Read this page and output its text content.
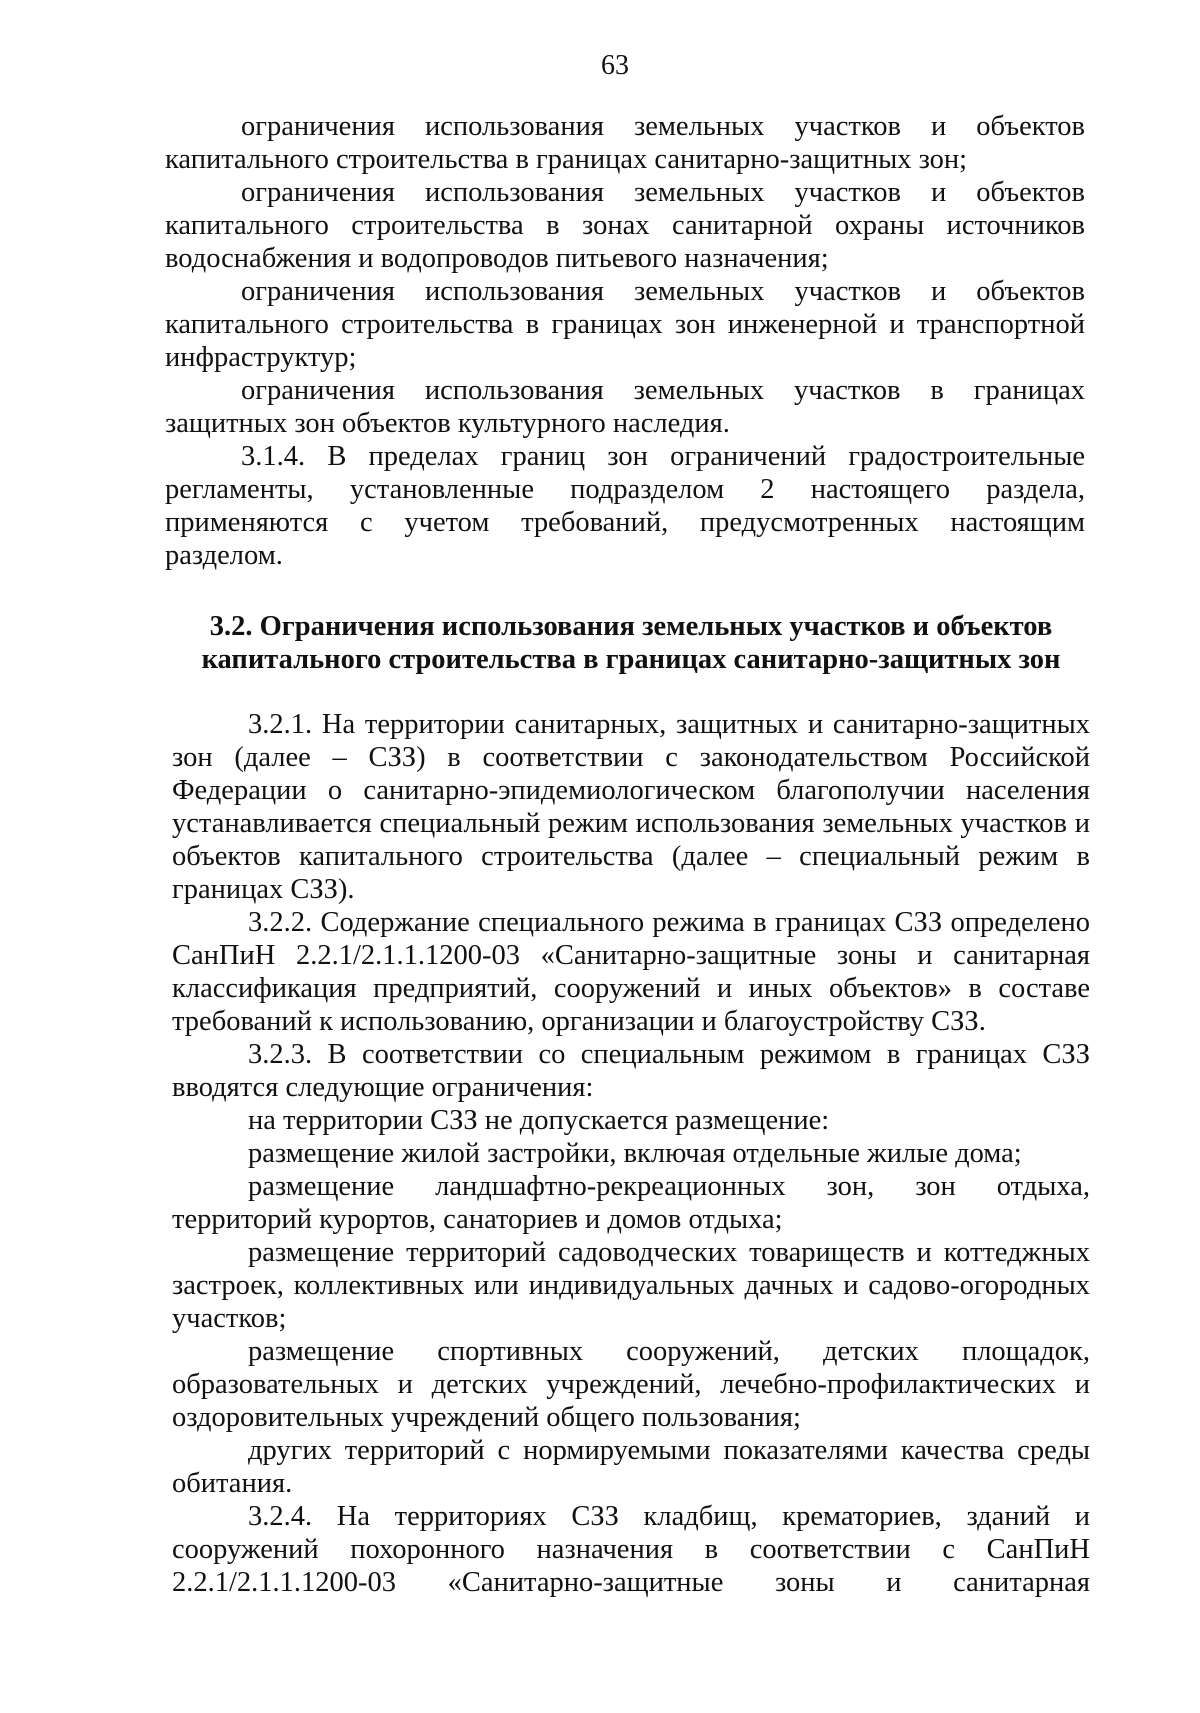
63

ограничения использования земельных участков и объектов капитального строительства в границах санитарно-защитных зон;

ограничения использования земельных участков и объектов капитального строительства в зонах санитарной охраны источников водоснабжения и водопроводов питьевого назначения;

ограничения использования земельных участков и объектов капитального строительства в границах зон инженерной и транспортной инфраструктур;

ограничения использования земельных участков в границах защитных зон объектов культурного наследия.

3.1.4. В пределах границ зон ограничений градостроительные регламенты, установленные подразделом 2 настоящего раздела, применяются с учетом требований, предусмотренных настоящим разделом.

3.2. Ограничения использования земельных участков и объектов
капитального строительства в границах санитарно-защитных зон

3.2.1. На территории санитарных, защитных и санитарно-защитных зон (далее – СЗЗ) в соответствии с законодательством Российской Федерации о санитарно-эпидемиологическом благополучии населения устанавливается специальный режим использования земельных участков и объектов капитального строительства (далее – специальный режим в границах СЗЗ).

3.2.2. Содержание специального режима в границах СЗЗ определено СанПиН 2.2.1/2.1.1.1200-03 «Санитарно-защитные зоны и санитарная классификация предприятий, сооружений и иных объектов» в составе требований к использованию, организации и благоустройству СЗЗ.

3.2.3. В соответствии со специальным режимом в границах СЗЗ вводятся следующие ограничения:

на территории СЗЗ не допускается размещение:

размещение жилой застройки, включая отдельные жилые дома;

размещение ландшафтно-рекреационных зон, зон отдыха, территорий курортов, санаториев и домов отдыха;

размещение территорий садоводческих товариществ и коттеджных застроек, коллективных или индивидуальных дачных и садово-огородных участков;

размещение спортивных сооружений, детских площадок, образовательных и детских учреждений, лечебно-профилактических и оздоровительных учреждений общего пользования;

других территорий с нормируемыми показателями качества среды обитания.

3.2.4. На территориях СЗЗ кладбищ, крематориев, зданий и сооружений похоронного назначения в соответствии с СанПиН 2.2.1/2.1.1.1200-03 «Санитарно-защитные зоны и санитарная
